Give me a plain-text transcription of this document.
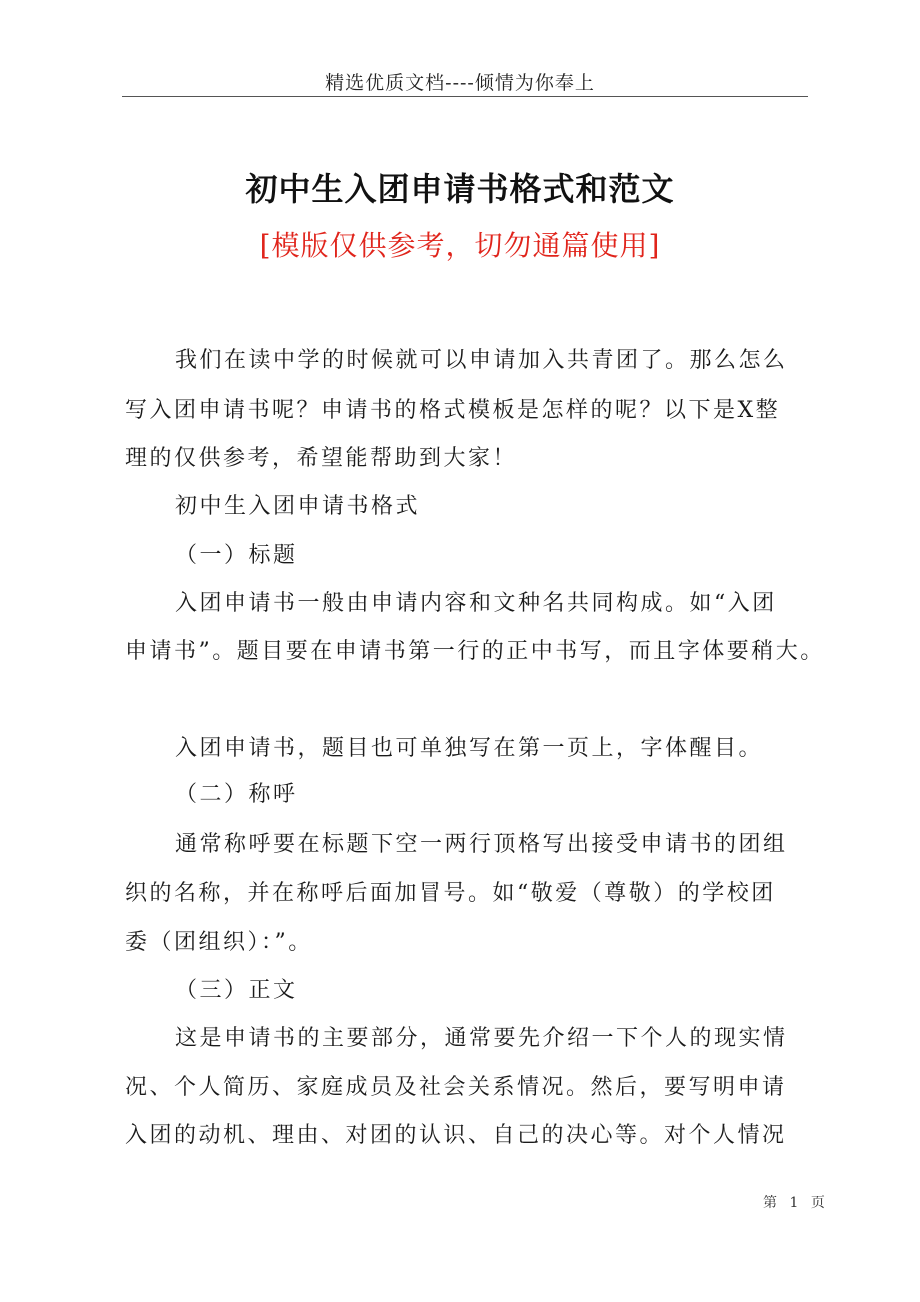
精选优质文档----倾情为你奉上
初中生入团申请书格式和范文
[模版仅供参考，切勿通篇使用]
我们在读中学的时候就可以申请加入共青团了。那么怎么
写入团申请书呢？申请书的格式模板是怎样的呢？以下是X整
理的仅供参考，希望能帮助到大家！
初中生入团申请书格式
（一）标题
入团申请书一般由申请内容和文种名共同构成。如“入团
申请书”。题目要在申请书第一行的正中书写，而且字体要稍大。
入团申请书，题目也可单独写在第一页上，字体醒目。
（二）称呼
通常称呼要在标题下空一两行顶格写出接受申请书的团组
织的名称，并在称呼后面加冒号。如“敬爱（尊敬）的学校团
委（团组织）：”。
（三）正文
这是申请书的主要部分，通常要先介绍一下个人的现实情
况、个人简历、家庭成员及社会关系情况。然后，要写明申请
入团的动机、理由、对团的认识、自己的决心等。对个人情况
第 1 页
